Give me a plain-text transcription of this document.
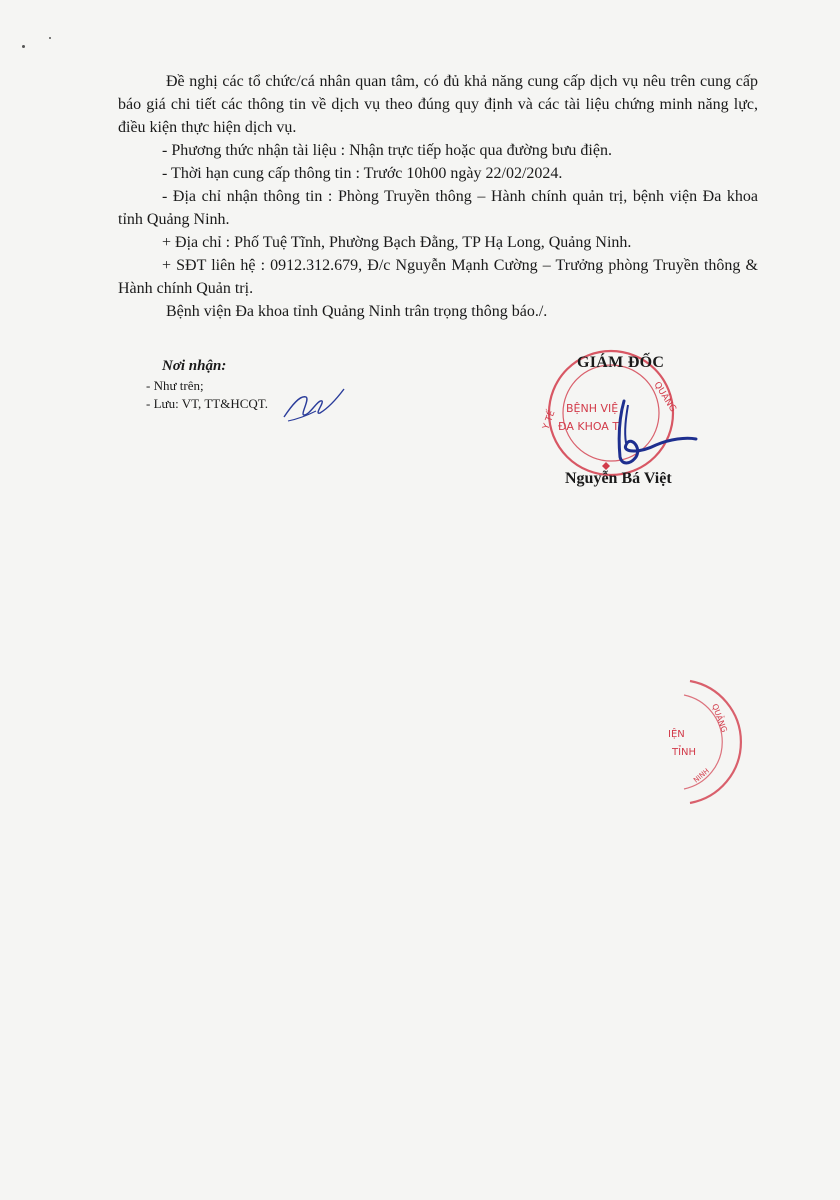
Đề nghị các tổ chức/cá nhân quan tâm, có đủ khả năng cung cấp dịch vụ nêu trên cung cấp báo giá chi tiết các thông tin về dịch vụ theo đúng quy định và các tài liệu chứng minh năng lực, điều kiện thực hiện dịch vụ.

- Phương thức nhận tài liệu : Nhận trực tiếp hoặc qua đường bưu điện.

- Thời hạn cung cấp thông tin : Trước 10h00 ngày 22/02/2024.

- Địa chỉ nhận thông tin : Phòng Truyền thông – Hành chính quản trị, bệnh viện Đa khoa tỉnh Quảng Ninh.

+ Địa chỉ : Phố Tuệ Tĩnh, Phường Bạch Đằng, TP Hạ Long, Quảng Ninh.

+ SĐT liên hệ : 0912.312.679, Đ/c Nguyễn Mạnh Cường – Trưởng phòng Truyền thông & Hành chính Quản trị.

Bệnh viện Đa khoa tỉnh Quảng Ninh trân trọng thông báo./.

Nơi nhận:

- Như trên;

- Lưu: VT, TT&HCQT.	QUẢNG
Y TẾ
BỆNH VIỆ
ĐA KHOA T
GIÁM ĐỐC
Nguyễn Bá Việt
QUẢNG
IỆN
TỈNH
NINH
